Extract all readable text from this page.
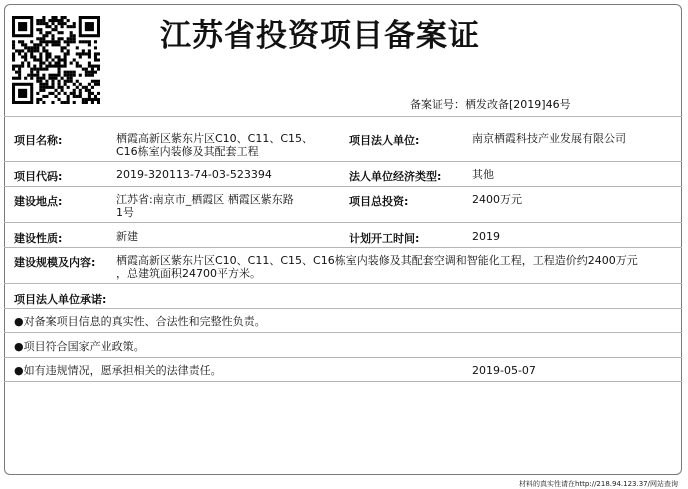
江苏省投资项目备案证
备案证号：栖发改备[2019]46号
项目名称:	栖霞高新区紫东片区C10、C11、C15、
C16栋室内装修及其配套工程
项目法人单位:	南京栖霞科技产业发展有限公司
项目代码:	2019-320113-74-03-523394	法人单位经济类型:	其他
建设地点:	江苏省:南京市_栖霞区 栖霞区紫东路
1号
项目总投资:	2400万元
建设性质:	新建	计划开工时间:	2019
建设规模及内容: 栖霞高新区紫东片区C10、C11、C15、C16栋室内装修及其配套空调和智能化工程，工程造价约2400万元
，总建筑面积24700平方米。
项目法人单位承诺:
●对备案项目信息的真实性、合法性和完整性负责。
●项目符合国家产业政策。
●如有违规情况，愿承担相关的法律责任。	2019-05-07
材料的真实性请在http://218.94.123.37/网站查询
